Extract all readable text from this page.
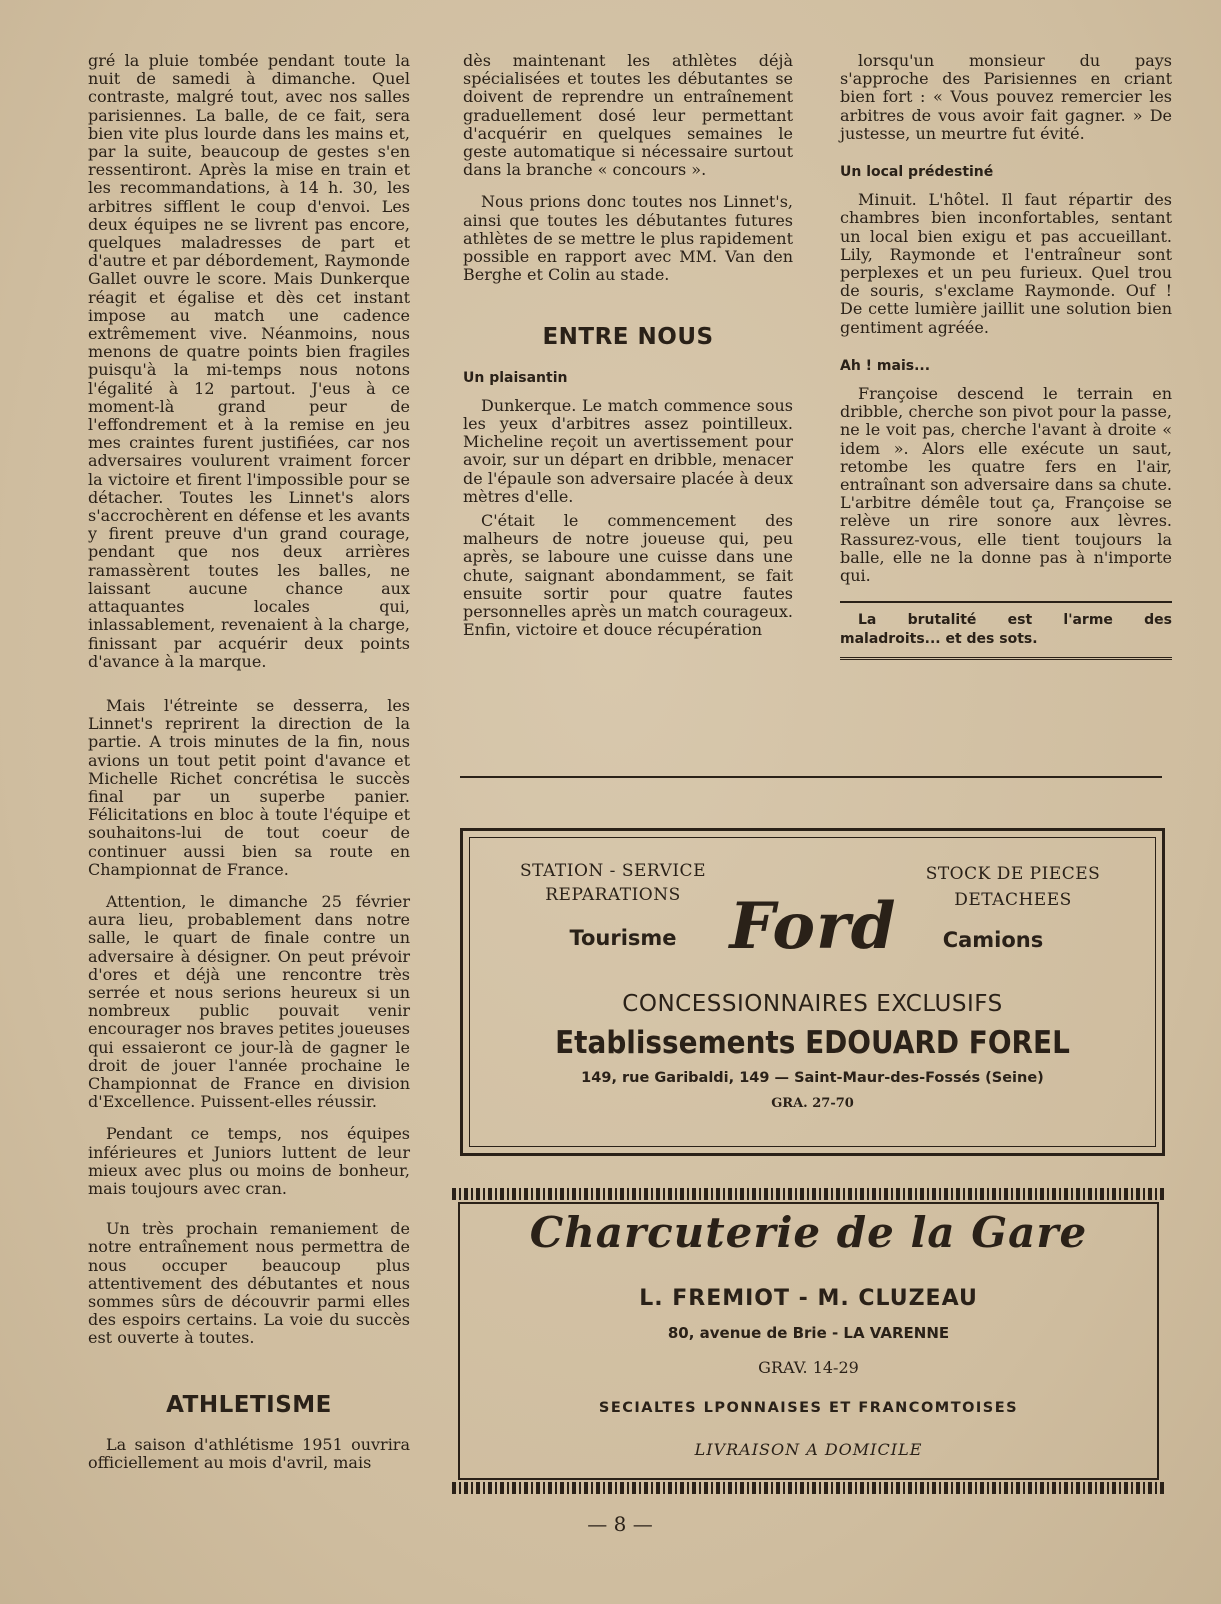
gré la pluie tombée pendant toute la nuit de samedi à dimanche. Quel contraste, malgré tout, avec nos salles parisiennes. La balle, de ce fait, sera bien vite plus lourde dans les mains et, par la suite, beaucoup de gestes s'en ressentiront. Après la mise en train et les recommandations, à 14 h. 30, les arbitres sifflent le coup d'envoi. Les deux équipes ne se livrent pas encore, quelques maladresses de part et d'autre et par débordement, Raymonde Gallet ouvre le score. Mais Dunkerque réagit et égalise et dès cet instant impose au match une cadence extrêmement vive. Néanmoins, nous menons de quatre points bien fragiles puisqu'à la mi-temps nous notons l'égalité à 12 partout. J'eus à ce moment-là grand peur de l'effondrement et à la remise en jeu mes craintes furent justifiées, car nos adversaires voulurent vraiment forcer la victoire et firent l'impossible pour se détacher. Toutes les Linnet's alors s'accrochèrent en défense et les avants y firent preuve d'un grand courage, pendant que nos deux arrières ramassèrent toutes les balles, ne laissant aucune chance aux attaquantes locales qui, inlassablement, revenaient à la charge, finissant par acquérir deux points d'avance à la marque.

Mais l'étreinte se desserra, les Linnet's reprirent la direction de la partie. A trois minutes de la fin, nous avions un tout petit point d'avance et Michelle Richet concrétisa le succès final par un superbe panier. Félicitations en bloc à toute l'équipe et souhaitons-lui de tout coeur de continuer aussi bien sa route en Championnat de France.

Attention, le dimanche 25 février aura lieu, probablement dans notre salle, le quart de finale contre un adversaire à désigner. On peut prévoir d'ores et déjà une rencontre très serrée et nous serions heureux si un nombreux public pouvait venir encourager nos braves petites joueuses qui essaieront ce jour-là de gagner le droit de jouer l'année prochaine le Championnat de France en division d'Excellence. Puissent-elles réussir.

Pendant ce temps, nos équipes inférieures et Juniors luttent de leur mieux avec plus ou moins de bonheur, mais toujours avec cran.

Un très prochain remaniement de notre entraînement nous permettra de nous occuper beaucoup plus attentivement des débutantes et nous sommes sûrs de découvrir parmi elles des espoirs certains. La voie du succès est ouverte à toutes.

ATHLETISME

La saison d'athlétisme 1951 ouvrira officiellement au mois d'avril, mais

dès maintenant les athlètes déjà spécialisées et toutes les débutantes se doivent de reprendre un entraînement graduellement dosé leur permettant d'acquérir en quelques semaines le geste automatique si nécessaire surtout dans la branche « concours ».

Nous prions donc toutes nos Linnet's, ainsi que toutes les débutantes futures athlètes de se mettre le plus rapidement possible en rapport avec MM. Van den Berghe et Colin au stade.

ENTRE NOUS
Un plaisantin

Dunkerque. Le match commence sous les yeux d'arbitres assez pointilleux. Micheline reçoit un avertissement pour avoir, sur un départ en dribble, menacer de l'épaule son adversaire placée à deux mètres d'elle.

C'était le commencement des malheurs de notre joueuse qui, peu après, se laboure une cuisse dans une chute, saignant abondamment, se fait ensuite sortir pour quatre fautes personnelles après un match courageux. Enfin, victoire et douce récupération

lorsqu'un monsieur du pays s'approche des Parisiennes en criant bien fort : « Vous pouvez remercier les arbitres de vous avoir fait gagner. » De justesse, un meurtre fut évité.

Un local prédestiné

Minuit. L'hôtel. Il faut répartir des chambres bien inconfortables, sentant un local bien exigu et pas accueillant. Lily, Raymonde et l'entraîneur sont perplexes et un peu furieux. Quel trou de souris, s'exclame Raymonde. Ouf ! De cette lumière jaillit une solution bien gentiment agréée.

Ah ! mais...

Françoise descend le terrain en dribble, cherche son pivot pour la passe, ne le voit pas, cherche l'avant à droite « idem ». Alors elle exécute un saut, retombe les quatre fers en l'air, entraînant son adversaire dans sa chute. L'arbitre démêle tout ça, Françoise se relève un rire sonore aux lèvres. Rassurez-vous, elle tient toujours la balle, elle ne la donne pas à n'importe qui.

La brutalité est l'arme des maladroits... et des sots.
STATION - SERVICE
REPARATIONS
STOCK DE PIECES
DETACHEES
Tourisme Ford	Camions
CONCESSIONNAIRES EXCLUSIFS
Etablissements EDOUARD FOREL
149, rue Garibaldi, 149 — Saint-Maur-des-Fossés (Seine)
GRA. 27-70
Charcuterie de la Gare
L. FREMIOT - M. CLUZEAU
80, avenue de Brie - LA VARENNE
GRAV. 14-29
SECIALTES LPONNAISES ET FRANCOMTOISES
LIVRAISON A DOMICILE
— 8 —
